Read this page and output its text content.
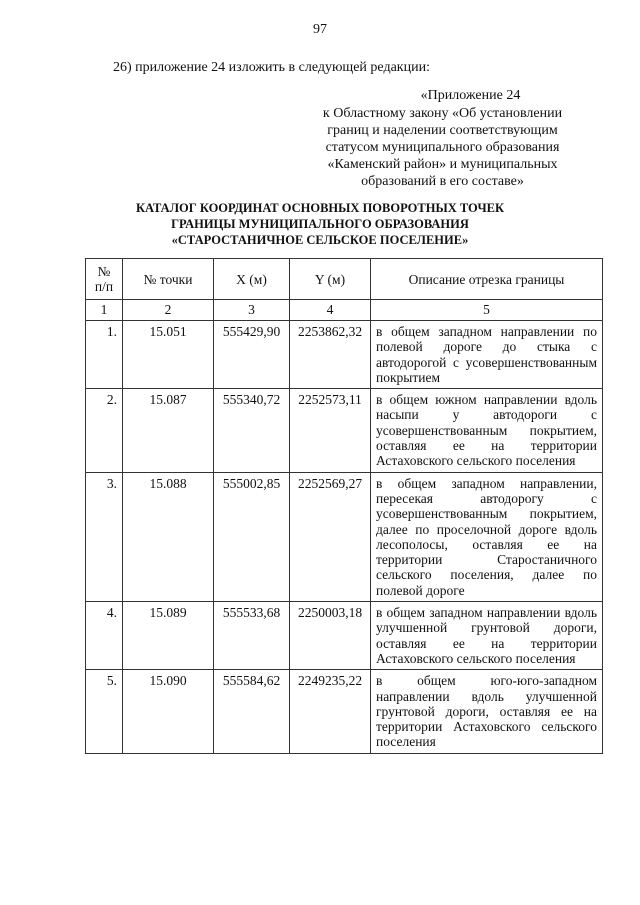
97
26) приложение 24 изложить в следующей редакции:
«Приложение 24
к Областному закону «Об установлении
границ и наделении соответствующим
статусом муниципального образования
«Каменский район» и муниципальных
образований в его составе»
КАТАЛОГ КООРДИНАТ ОСНОВНЫХ ПОВОРОТНЫХ ТОЧЕК
ГРАНИЦЫ МУНИЦИПАЛЬНОГО ОБРАЗОВАНИЯ
«СТАРОСТАНИЧНОЕ СЕЛЬСКОЕ ПОСЕЛЕНИЕ»
№
п/п	№ точки	X (м)	Y (м)	Описание отрезка границы
1	2	3	4	5
1.	15.051	555429,90	2253862,32	в общем западном направлении по полевой дороге до стыка с автодорогой с усовершенствованным покрытием
2.	15.087	555340,72	2252573,11	в общем южном направлении вдоль насыпи у автодороги с усовершенствованным покрытием, оставляя ее на территории Астаховского сельского поселения
3.	15.088	555002,85	2252569,27	в общем западном направлении, пересекая автодорогу с усовершенствованным покрытием, далее по проселочной дороге вдоль лесополосы, оставляя ее на территории Старостаничного сельского поселения, далее по полевой дороге
4.	15.089	555533,68	2250003,18	в общем западном направлении вдоль улучшенной грунтовой дороги, оставляя ее на территории Астаховского сельского поселения
5.	15.090	555584,62	2249235,22	в общем юго-юго-западном направлении вдоль улучшенной грунтовой дороги, оставляя ее на территории Астаховского сельского поселения
